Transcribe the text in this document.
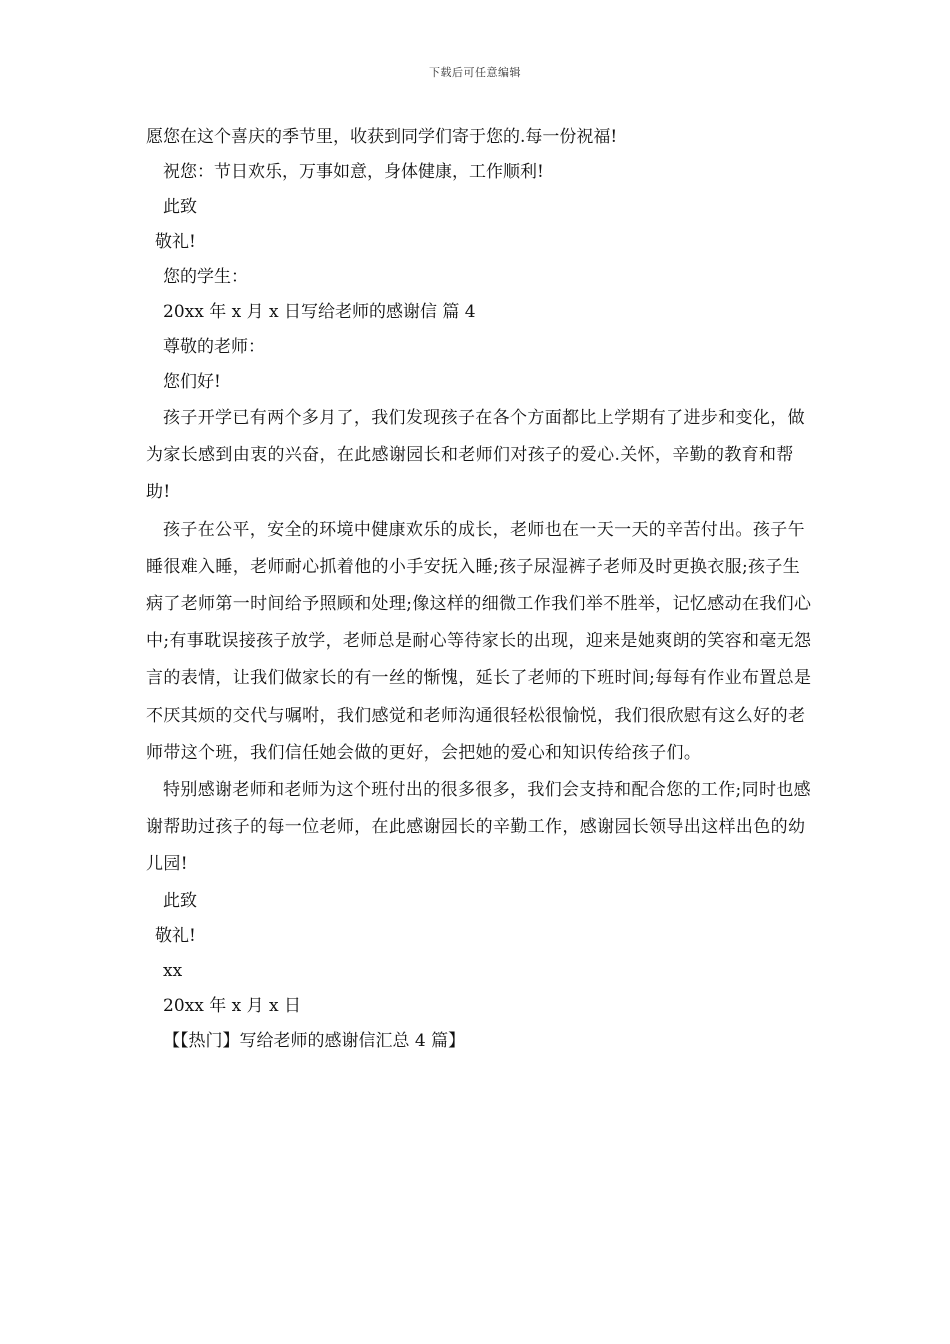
下载后可任意编辑
愿您在这个喜庆的季节里，收获到同学们寄于您的.每一份祝福!
祝您：节日欢乐，万事如意，身体健康，工作顺利!
此致
敬礼!
您的学生：
20xx 年 x 月 x 日写给老师的感谢信 篇 4
尊敬的老师：
您们好!

孩子开学已有两个多月了，我们发现孩子在各个方面都比上学期有了进步和变化，做为家长感到由衷的兴奋，在此感谢园长和老师们对孩子的爱心.关怀，辛勤的教育和帮助!

孩子在公平，安全的环境中健康欢乐的成长，老师也在一天一天的辛苦付出。孩子午睡很难入睡，老师耐心抓着他的小手安抚入睡;孩子尿湿裤子老师及时更换衣服;孩子生病了老师第一时间给予照顾和处理;像这样的细微工作我们举不胜举，记忆感动在我们心中;有事耽误接孩子放学，老师总是耐心等待家长的出现，迎来是她爽朗的笑容和毫无怨言的表情，让我们做家长的有一丝的惭愧，延长了老师的下班时间;每每有作业布置总是不厌其烦的交代与嘱咐，我们感觉和老师沟通很轻松很愉悦，我们很欣慰有这么好的老师带这个班，我们信任她会做的更好，会把她的爱心和知识传给孩子们。

特别感谢老师和老师为这个班付出的很多很多，我们会支持和配合您的工作;同时也感谢帮助过孩子的每一位老师，在此感谢园长的辛勤工作，感谢园长领导出这样出色的幼儿园!

此致
敬礼!
xx
20xx 年 x 月 x 日
【【热门】写给老师的感谢信汇总 4 篇】
